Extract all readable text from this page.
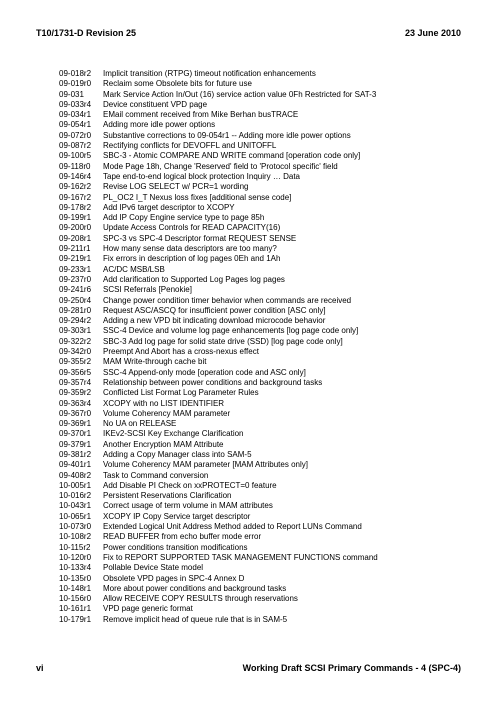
T10/1731-D Revision 25	23 June 2010
09-018r2	Implicit transition (RTPG) timeout notification enhancements
09-019r0	Reclaim some Obsolete bits for future use
09-031	Mark Service Action In/Out (16) service action value 0Fh Restricted for SAT-3
09-033r4	Device constituent VPD page
09-034r1	EMail comment received from Mike Berhan busTRACE
09-054r1	Adding more idle power options
09-072r0	Substantive corrections to 09-054r1 -- Adding more idle power options
09-087r2	Rectifying conflicts for DEVOFFL and UNITOFFL
09-100r5	SBC-3 - Atomic COMPARE AND WRITE command [operation code only]
09-118r0	Mode Page 18h, Change 'Reserved' field to 'Protocol specific' field
09-146r4	Tape end-to-end logical block protection Inquiry … Data
09-162r2	Revise LOG SELECT w/ PCR=1 wording
09-167r2	PL_OC2 I_T Nexus loss fixes [additional sense code]
09-178r2	Add IPv6 target descriptor to XCOPY
09-199r1	Add IP Copy Engine service type to page 85h
09-200r0	Update Access Controls for READ CAPACITY(16)
09-208r1	SPC-3 vs SPC-4 Descriptor format REQUEST SENSE
09-211r1	How many sense data descriptors are too many?
09-219r1	Fix errors in description of log pages 0Eh and 1Ah
09-233r1	AC/DC MSB/LSB
09-237r0	Add clarification to Supported Log Pages log pages
09-241r6	SCSI Referrals [Penokie]
09-250r4	Change power condition timer behavior when commands are received
09-281r0	Request ASC/ASCQ for insufficient power condition [ASC only]
09-294r2	Adding a new VPD bit indicating download microcode behavior
09-303r1	SSC-4 Device and volume log page enhancements [log page code only]
09-322r2	SBC-3 Add log page for solid state drive (SSD) [log page code only]
09-342r0	Preempt And Abort has a cross-nexus effect
09-355r2	MAM Write-through cache bit
09-356r5	SSC-4 Append-only mode [operation code and ASC only]
09-357r4	Relationship between power conditions and background tasks
09-359r2	Conflicted List Format Log Parameter Rules
09-363r4	XCOPY with no LIST IDENTIFIER
09-367r0	Volume Coherency MAM parameter
09-369r1	No UA on RELEASE
09-370r1	IKEv2-SCSI Key Exchange Clarification
09-379r1	Another Encryption MAM Attribute
09-381r2	Adding a Copy Manager class into SAM-5
09-401r1	Volume Coherency MAM parameter [MAM Attributes only]
09-408r2	Task to Command conversion
10-005r1	Add Disable PI Check on xxPROTECT=0 feature
10-016r2	Persistent Reservations Clarification
10-043r1	Correct usage of term volume in MAM attributes
10-065r1	XCOPY IP Copy Service target descriptor
10-073r0	Extended Logical Unit Address Method added to Report LUNs Command
10-108r2	READ BUFFER from echo buffer mode error
10-115r2	Power conditions transition modifications
10-120r0	Fix to REPORT SUPPORTED TASK MANAGEMENT FUNCTIONS command
10-133r4	Pollable Device State model
10-135r0	Obsolete VPD pages in SPC-4 Annex D
10-148r1	More about power conditions and background tasks
10-156r0	Allow RECEIVE COPY RESULTS through reservations
10-161r1	VPD page generic format
10-179r1	Remove implicit head of queue rule that is in SAM-5
vi	Working Draft SCSI Primary Commands - 4 (SPC-4)
